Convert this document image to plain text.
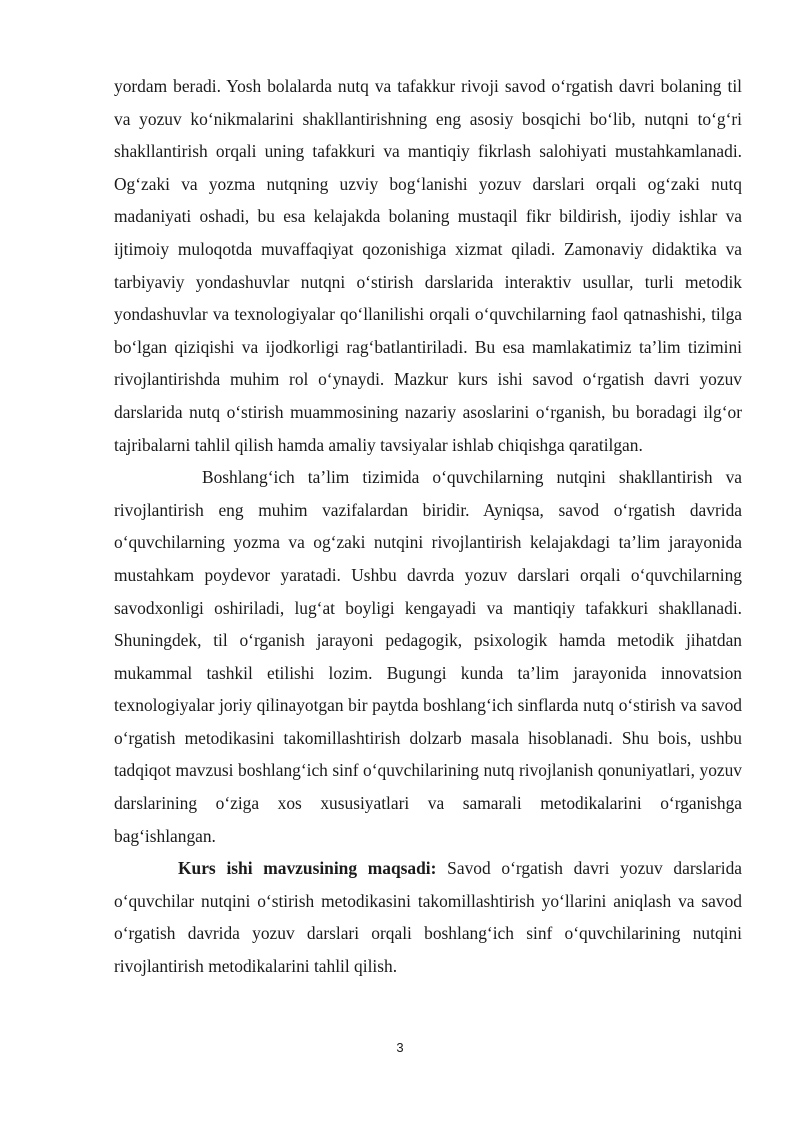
yordam beradi. Yosh bolalarda nutq va tafakkur rivoji savod o‘rgatish davri bolaning til va yozuv ko‘nikmalarini shakllantirishning eng asosiy bosqichi bo‘lib, nutqni to‘g‘ri shakllantirish orqali uning tafakkuri va mantiqiy fikrlash salohiyati mustahkamlanadi. Og‘zaki va yozma nutqning uzviy bog‘lanishi yozuv darslari orqali og‘zaki nutq madaniyati oshadi, bu esa kelajakda bolaning mustaqil fikr bildirish, ijodiy ishlar va ijtimoiy muloqotda muvaffaqiyat qozonishiga xizmat qiladi. Zamonaviy didaktika va tarbiyaviy yondashuvlar nutqni o‘stirish darslarida interaktiv usullar, turli metodik yondashuvlar va texnologiyalar qo‘llanilishi orqali o‘quvchilarning faol qatnashishi, tilga bo‘lgan qiziqishi va ijodkorligi rag‘batlantiriladi. Bu esa mamlakatimiz ta’lim tizimini rivojlantirishda muhim rol o‘ynaydi. Mazkur kurs ishi savod o‘rgatish davri yozuv darslarida nutq o‘stirish muammosining nazariy asoslarini o‘rganish, bu boradagi ilg‘or tajribalarni tahlil qilish hamda amaliy tavsiyalar ishlab chiqishga qaratilgan.

Boshlang‘ich ta’lim tizimida o‘quvchilarning nutqini shakllantirish va rivojlantirish eng muhim vazifalardan biridir. Ayniqsa, savod o‘rgatish davrida o‘quvchilarning yozma va og‘zaki nutqini rivojlantirish kelajakdagi ta’lim jarayonida mustahkam poydevor yaratadi. Ushbu davrda yozuv darslari orqali o‘quvchilarning savodxonligi oshiriladi, lug‘at boyligi kengayadi va mantiqiy tafakkuri shakllanadi. Shuningdek, til o‘rganish jarayoni pedagogik, psixologik hamda metodik jihatdan mukammal tashkil etilishi lozim. Bugungi kunda ta’lim jarayonida innovatsion texnologiyalar joriy qilinayotgan bir paytda boshlang‘ich sinflarda nutq o‘stirish va savod o‘rgatish metodikasini takomillashtirish dolzarb masala hisoblanadi. Shu bois, ushbu tadqiqot mavzusi boshlang‘ich sinf o‘quvchilarining nutq rivojlanish qonuniyatlari, yozuv darslarining o‘ziga xos xususiyatlari va samarali metodikalarini o‘rganishga bag‘ishlangan.

Kurs ishi mavzusining maqsadi: Savod o‘rgatish davri yozuv darslarida o‘quvchilar nutqini o‘stirish metodikasini takomillashtirish yo‘llarini aniqlash va savod o‘rgatish davrida yozuv darslari orqali boshlang‘ich sinf o‘quvchilarining nutqini rivojlantirish metodikalarini tahlil qilish.

3
